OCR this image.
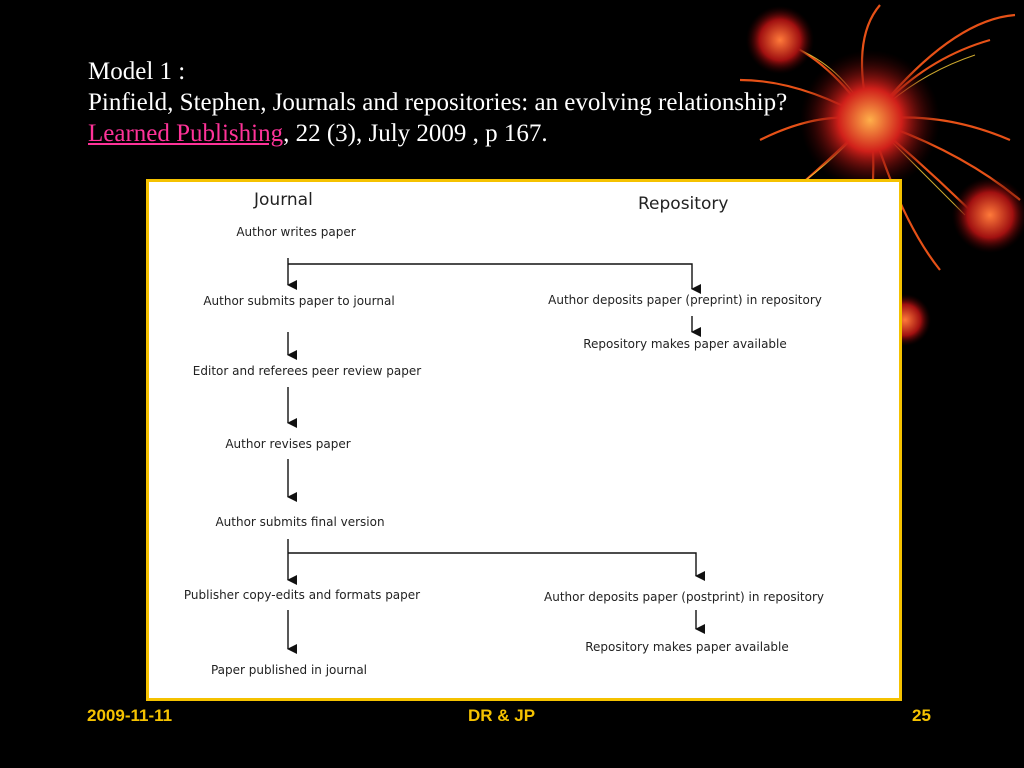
Model 1 :
Pinfield, Stephen, Journals and repositories: an evolving relationship?
Learned Publishing, 22 (3), July 2009 , p 167.
Journal	Repository
Author writes paper
Author submits paper to journal
Editor and referees peer review paper
Author revises paper
Author submits final version
Publisher copy-edits and formats paper
Paper published in journal
Author deposits paper (preprint) in repository
Repository makes paper available
Author deposits paper (postprint) in repository
Repository makes paper available
2009-11-11	DR & JP	25
